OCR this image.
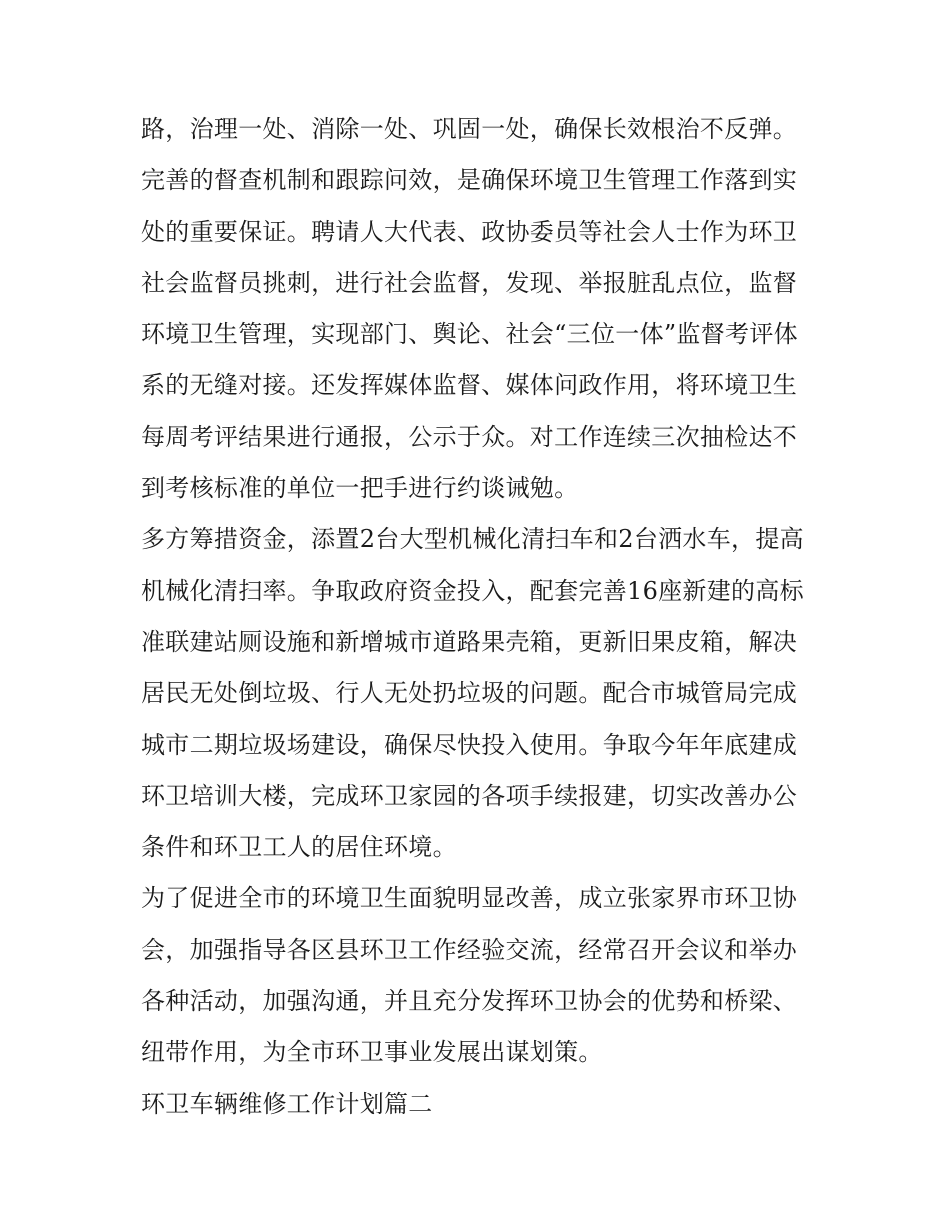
路，治理一处、消除一处、巩固一处，确保长效根治不反弹。

完善的督查机制和跟踪问效，是确保环境卫生管理工作落到实处的重要保证。聘请人大代表、政协委员等社会人士作为环卫社会监督员挑刺，进行社会监督，发现、举报脏乱点位，监督环境卫生管理，实现部门、舆论、社会“三位一体”监督考评体系的无缝对接。还发挥媒体监督、媒体问政作用，将环境卫生每周考评结果进行通报，公示于众。对工作连续三次抽检达不到考核标准的单位一把手进行约谈诫勉。

多方筹措资金，添置2台大型机械化清扫车和2台洒水车，提高机械化清扫率。争取政府资金投入，配套完善16座新建的高标准联建站厕设施和新增城市道路果壳箱，更新旧果皮箱，解决居民无处倒垃圾、行人无处扔垃圾的问题。配合市城管局完成城市二期垃圾场建设，确保尽快投入使用。争取今年年底建成环卫培训大楼，完成环卫家园的各项手续报建，切实改善办公条件和环卫工人的居住环境。

为了促进全市的环境卫生面貌明显改善，成立张家界市环卫协会，加强指导各区县环卫工作经验交流，经常召开会议和举办各种活动，加强沟通，并且充分发挥环卫协会的优势和桥梁、纽带作用，为全市环卫事业发展出谋划策。

环卫车辆维修工作计划篇二
